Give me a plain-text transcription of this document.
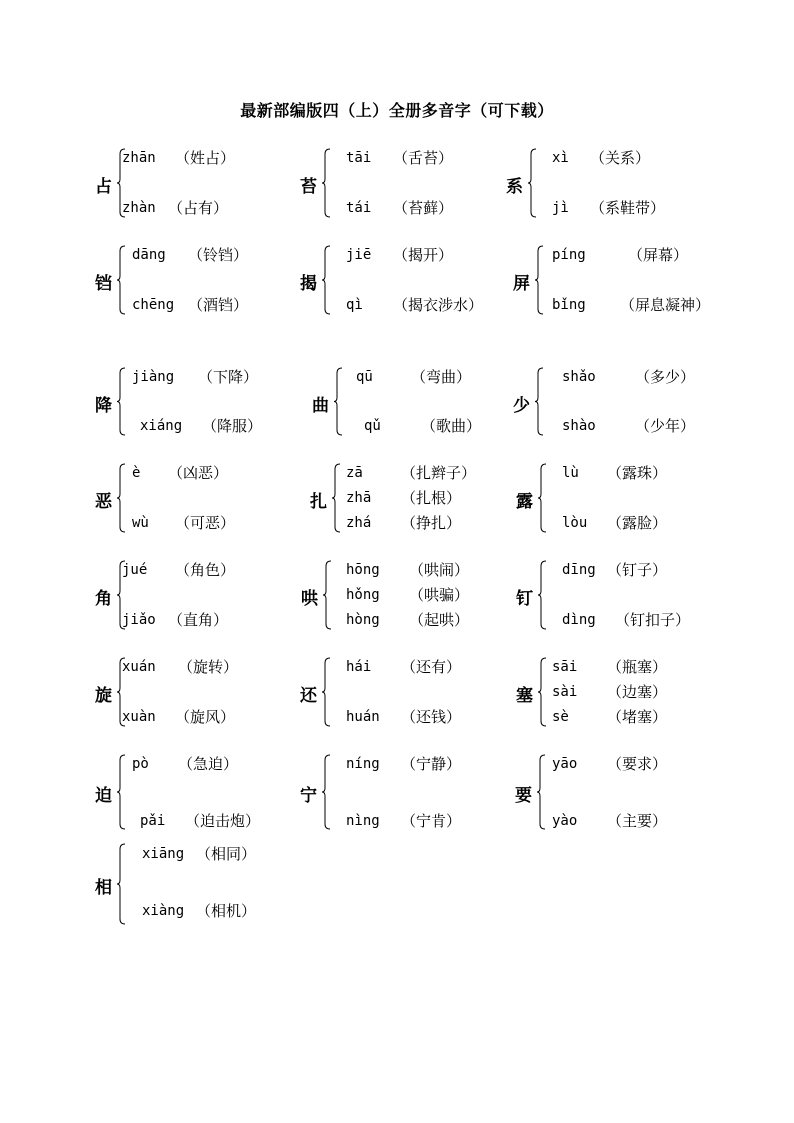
最新部编版四（上）全册多音字（可下载）
占
zhān （姓占）
zhàn （占有）
苔
tāi （舌苔）
tái （苔藓）
系
xì （关系）
jì （系鞋带）
铛
dāng （铃铛）
chēng （酒铛）
揭
jiē （揭开）
qì （揭衣涉水）
屏
píng	（屏幕）
bǐng （屏息凝神）
降
jiàng （下降）
xiáng （降服）
曲
qū	（弯曲）
qǔ	（歌曲）
少
shǎo	（多少）
shào	（少年）
恶
è （凶恶）
wù （可恶）
扎
zā	（扎辫子）
zhā （扎根）
zhá （挣扎）
露
lù （露珠）
lòu （露脸）
角
jué （角色）
jiǎo （直角）
哄
hōng （哄闹）
hǒng （哄骗）
hòng （起哄）
钉
dīng （钉子）
dìng （钉扣子）
旋
xuán （旋转）
xuàn （旋风）
还
hái （还有）
huán （还钱）
塞
sāi （瓶塞）
sài （边塞）
sè	（堵塞）
迫
pò （急迫）
pǎi （迫击炮）
宁
níng （宁静）
nìng （宁肯）
要
yāo （要求）
yào （主要）
相
xiāng （相同）
xiàng （相机）
